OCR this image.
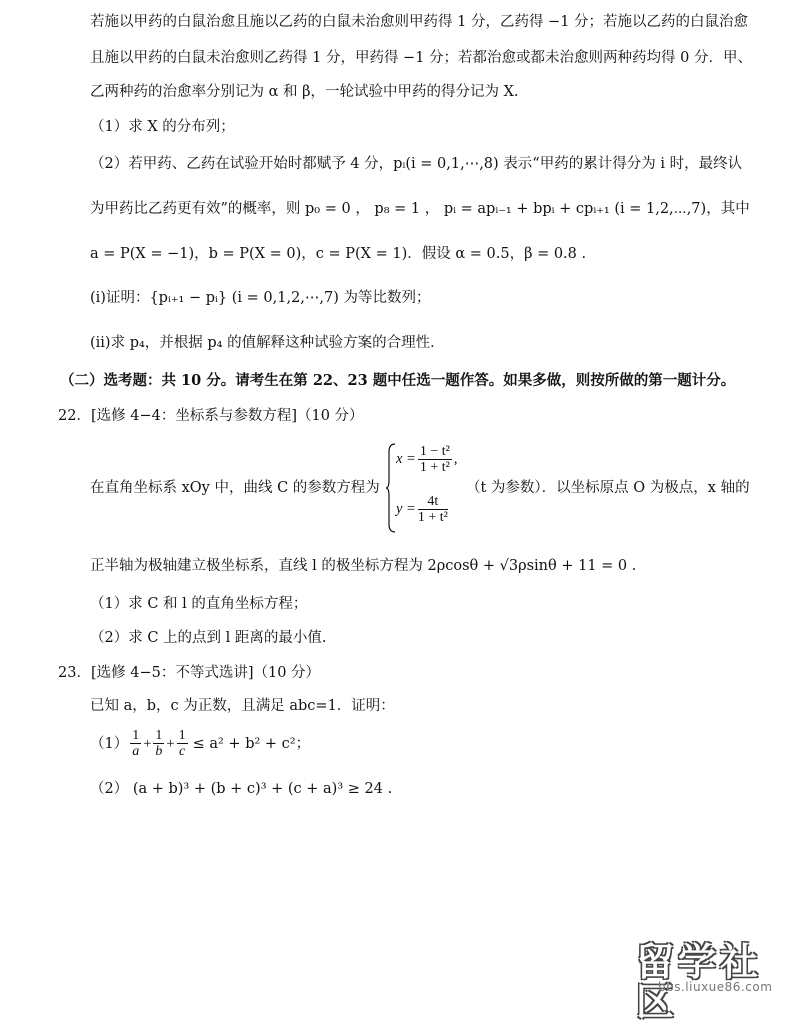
若施以甲药的白鼠治愈且施以乙药的白鼠未治愈则甲药得 1 分，乙药得 −1 分；若施以乙药的白鼠治愈
且施以甲药的白鼠未治愈则乙药得 1 分，甲药得 −1 分；若都治愈或都未治愈则两种药均得 0 分．甲、
乙两种药的治愈率分别记为 α 和 β，一轮试验中甲药的得分记为 X.
（1）求 X 的分布列；
（2）若甲药、乙药在试验开始时都赋予 4 分，pᵢ(i = 0,1,⋯,8) 表示“甲药的累计得分为 i 时，最终认
为甲药比乙药更有效”的概率，则 p₀ = 0 ， p₈ = 1 ， pᵢ = apᵢ₋₁ + bpᵢ + cpᵢ₊₁ (i = 1,2,⋯,7)，其中
a = P(X = −1)，b = P(X = 0)，c = P(X = 1)．假设 α = 0.5，β = 0.8 .
(i)证明：{pᵢ₊₁ − pᵢ} (i = 0,1,2,⋯,7) 为等比数列；
(ii)求 p₄，并根据 p₄ 的值解释这种试验方案的合理性．
（二）选考题：共 10 分。请考生在第 22、23 题中任选一题作答。如果多做，则按所做的第一题计分。
22．[选修 4−4：坐标系与参数方程]（10 分）
在直角坐标系 xOy 中，曲线 C 的参数方程为
$x = \frac{\text{1 − t²}}{\text{1 + t²}}$ ,
$y = \frac{4t}{\text{1 + t²}}$
（t 为参数）．以坐标原点 O 为极点，x 轴的
正半轴为极轴建立极坐标系，直线 l 的极坐标方程为 2ρcosθ + √3ρsinθ + 11 = 0 .
（1）求 C 和 l 的直角坐标方程；
（2）求 C 上的点到 l 距离的最小值.
23．[选修 4−5：不等式选讲]（10 分）
已知 a，b，c 为正数，且满足 abc=1．证明：
$(1) \frac{1}{a} + \frac{1}{b} + \frac{1}{c} \le a^2 + b^2 + c^2$；
（2） (a + b)³ + (b + c)³ + (c + a)³ ≥ 24 .
留学社区
bbs.liuxue86.com
